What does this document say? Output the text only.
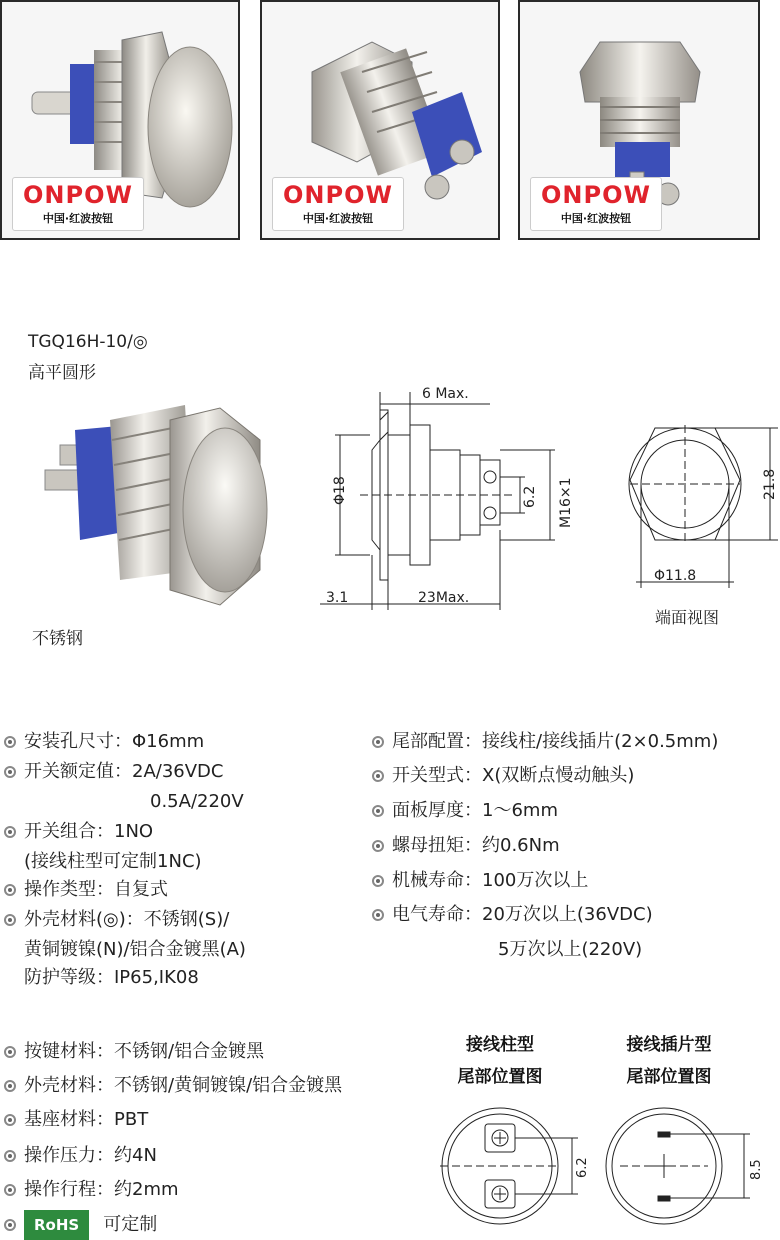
ONPOW
中国·红波按钮
ONPOW
中国·红波按钮
ONPOW
中国·红波按钮
TGQ16H-10/◎
高平圆形
不锈钢
6 Max.
Φ18	M16×1
6.2
3.1	23Max.
21.8
Φ11.8
端面视图
安装孔尺寸：Φ16mm
开关额定值：2A/36VDC
0.5A/220V
开关组合：1NO
(接线柱型可定制1NC)
操作类型：自复式
外壳材料(◎)：不锈钢(S)/
黄铜镀镍(N)/铝合金镀黑(A)
防护等级：IP65,IK08
尾部配置：接线柱/接线插片(2×0.5mm)
开关型式：X(双断点慢动触头)
面板厚度：1～6mm
螺母扭矩：约0.6Nm
机械寿命：100万次以上
电气寿命：20万次以上(36VDC)
5万次以上(220V)
按键材料：不锈钢/铝合金镀黑
外壳材料：不锈钢/黄铜镀镍/铝合金镀黑
基座材料：PBT
操作压力：约4N
操作行程：约2mm
RoHS 可定制
接线柱型
尾部位置图
接线插片型
尾部位置图
6.2	8.5
